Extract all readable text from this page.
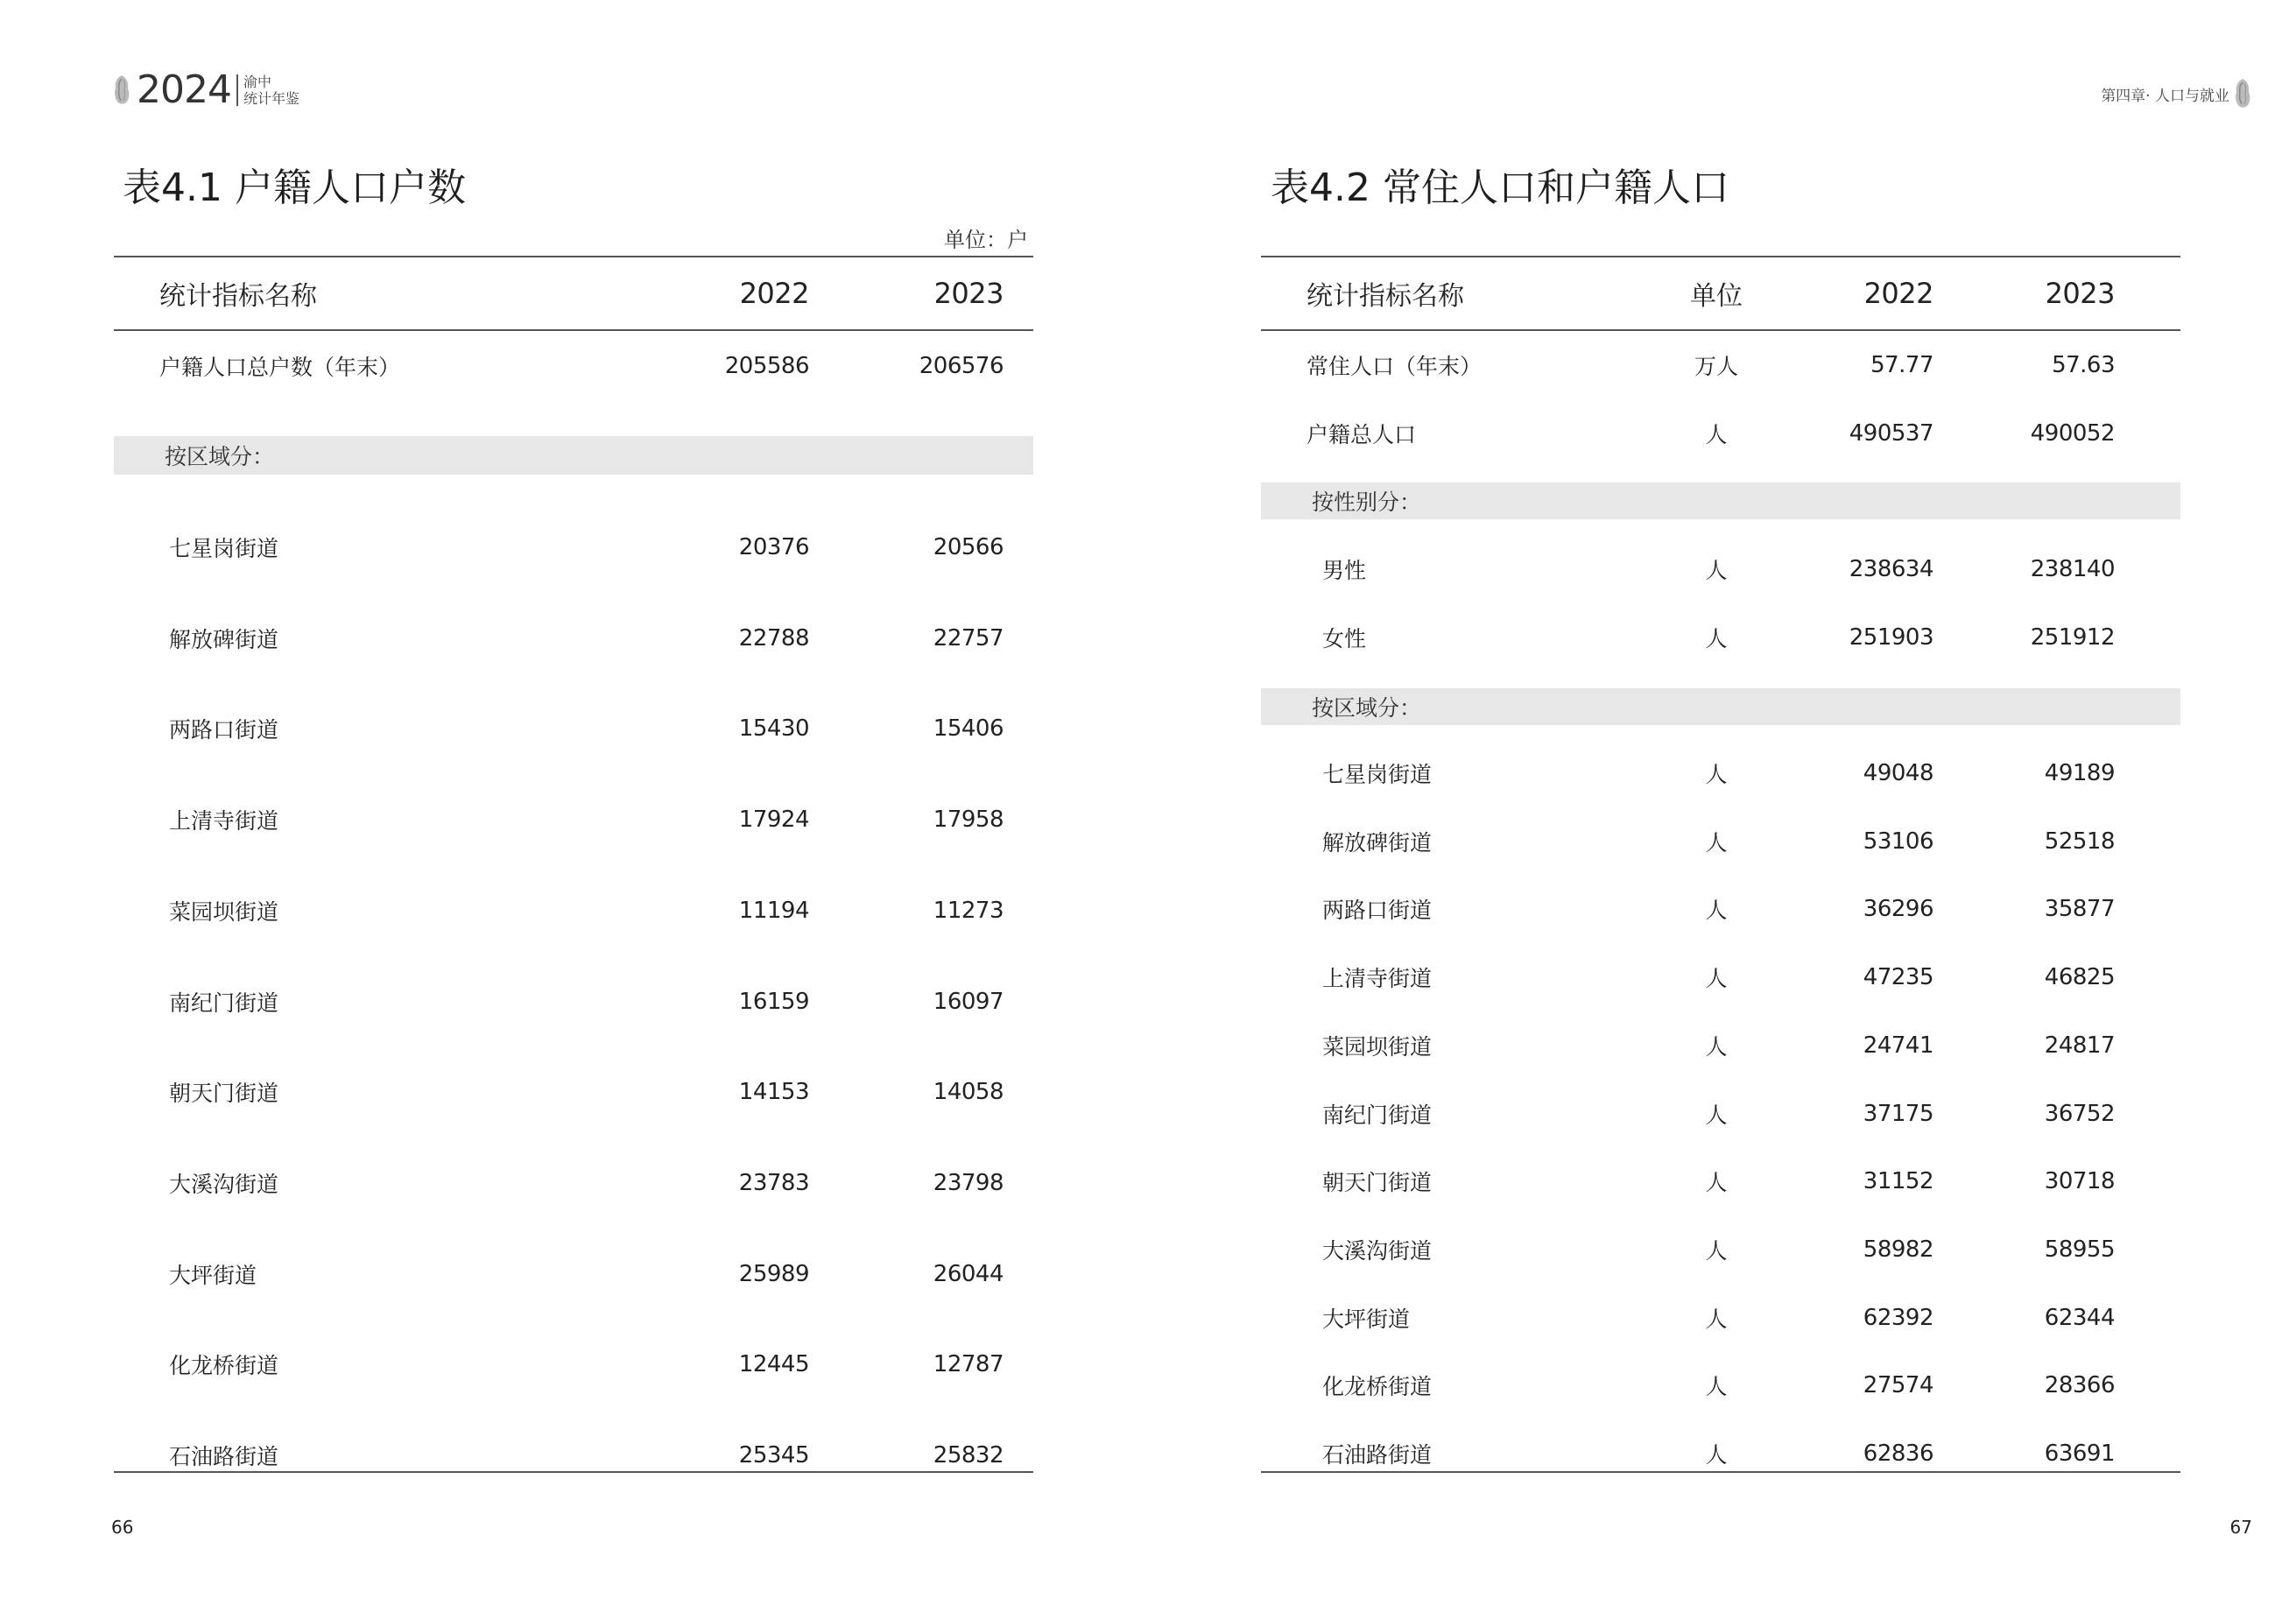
2024 渝中
统计年鉴
表4.1 户籍人口户数
单位：户
统计指标名称	2022	2023
户籍人口总户数（年末）	205586	206576
按区域分：
七星岗街道	20376	20566
解放碑街道	22788	22757
两路口街道	15430	15406
上清寺街道	17924	17958
菜园坝街道	11194	11273
南纪门街道	16159	16097
朝天门街道	14153	14058
大溪沟街道	23783	23798
大坪街道	25989	26044
化龙桥街道	12445	12787
石油路街道	25345	25832
66
第四章· 人口与就业
表4.2 常住人口和户籍人口
统计指标名称	单位	2022	2023
常住人口（年末）	万人	57.77	57.63
户籍总人口	人	490537	490052
按性别分：
男性	人	238634	238140
女性	人	251903	251912
按区域分：
七星岗街道	人	49048	49189
解放碑街道	人	53106	52518
两路口街道	人	36296	35877
上清寺街道	人	47235	46825
菜园坝街道	人	24741	24817
南纪门街道	人	37175	36752
朝天门街道	人	31152	30718
大溪沟街道	人	58982	58955
大坪街道	人	62392	62344
化龙桥街道	人	27574	28366
石油路街道	人	62836	63691
67
